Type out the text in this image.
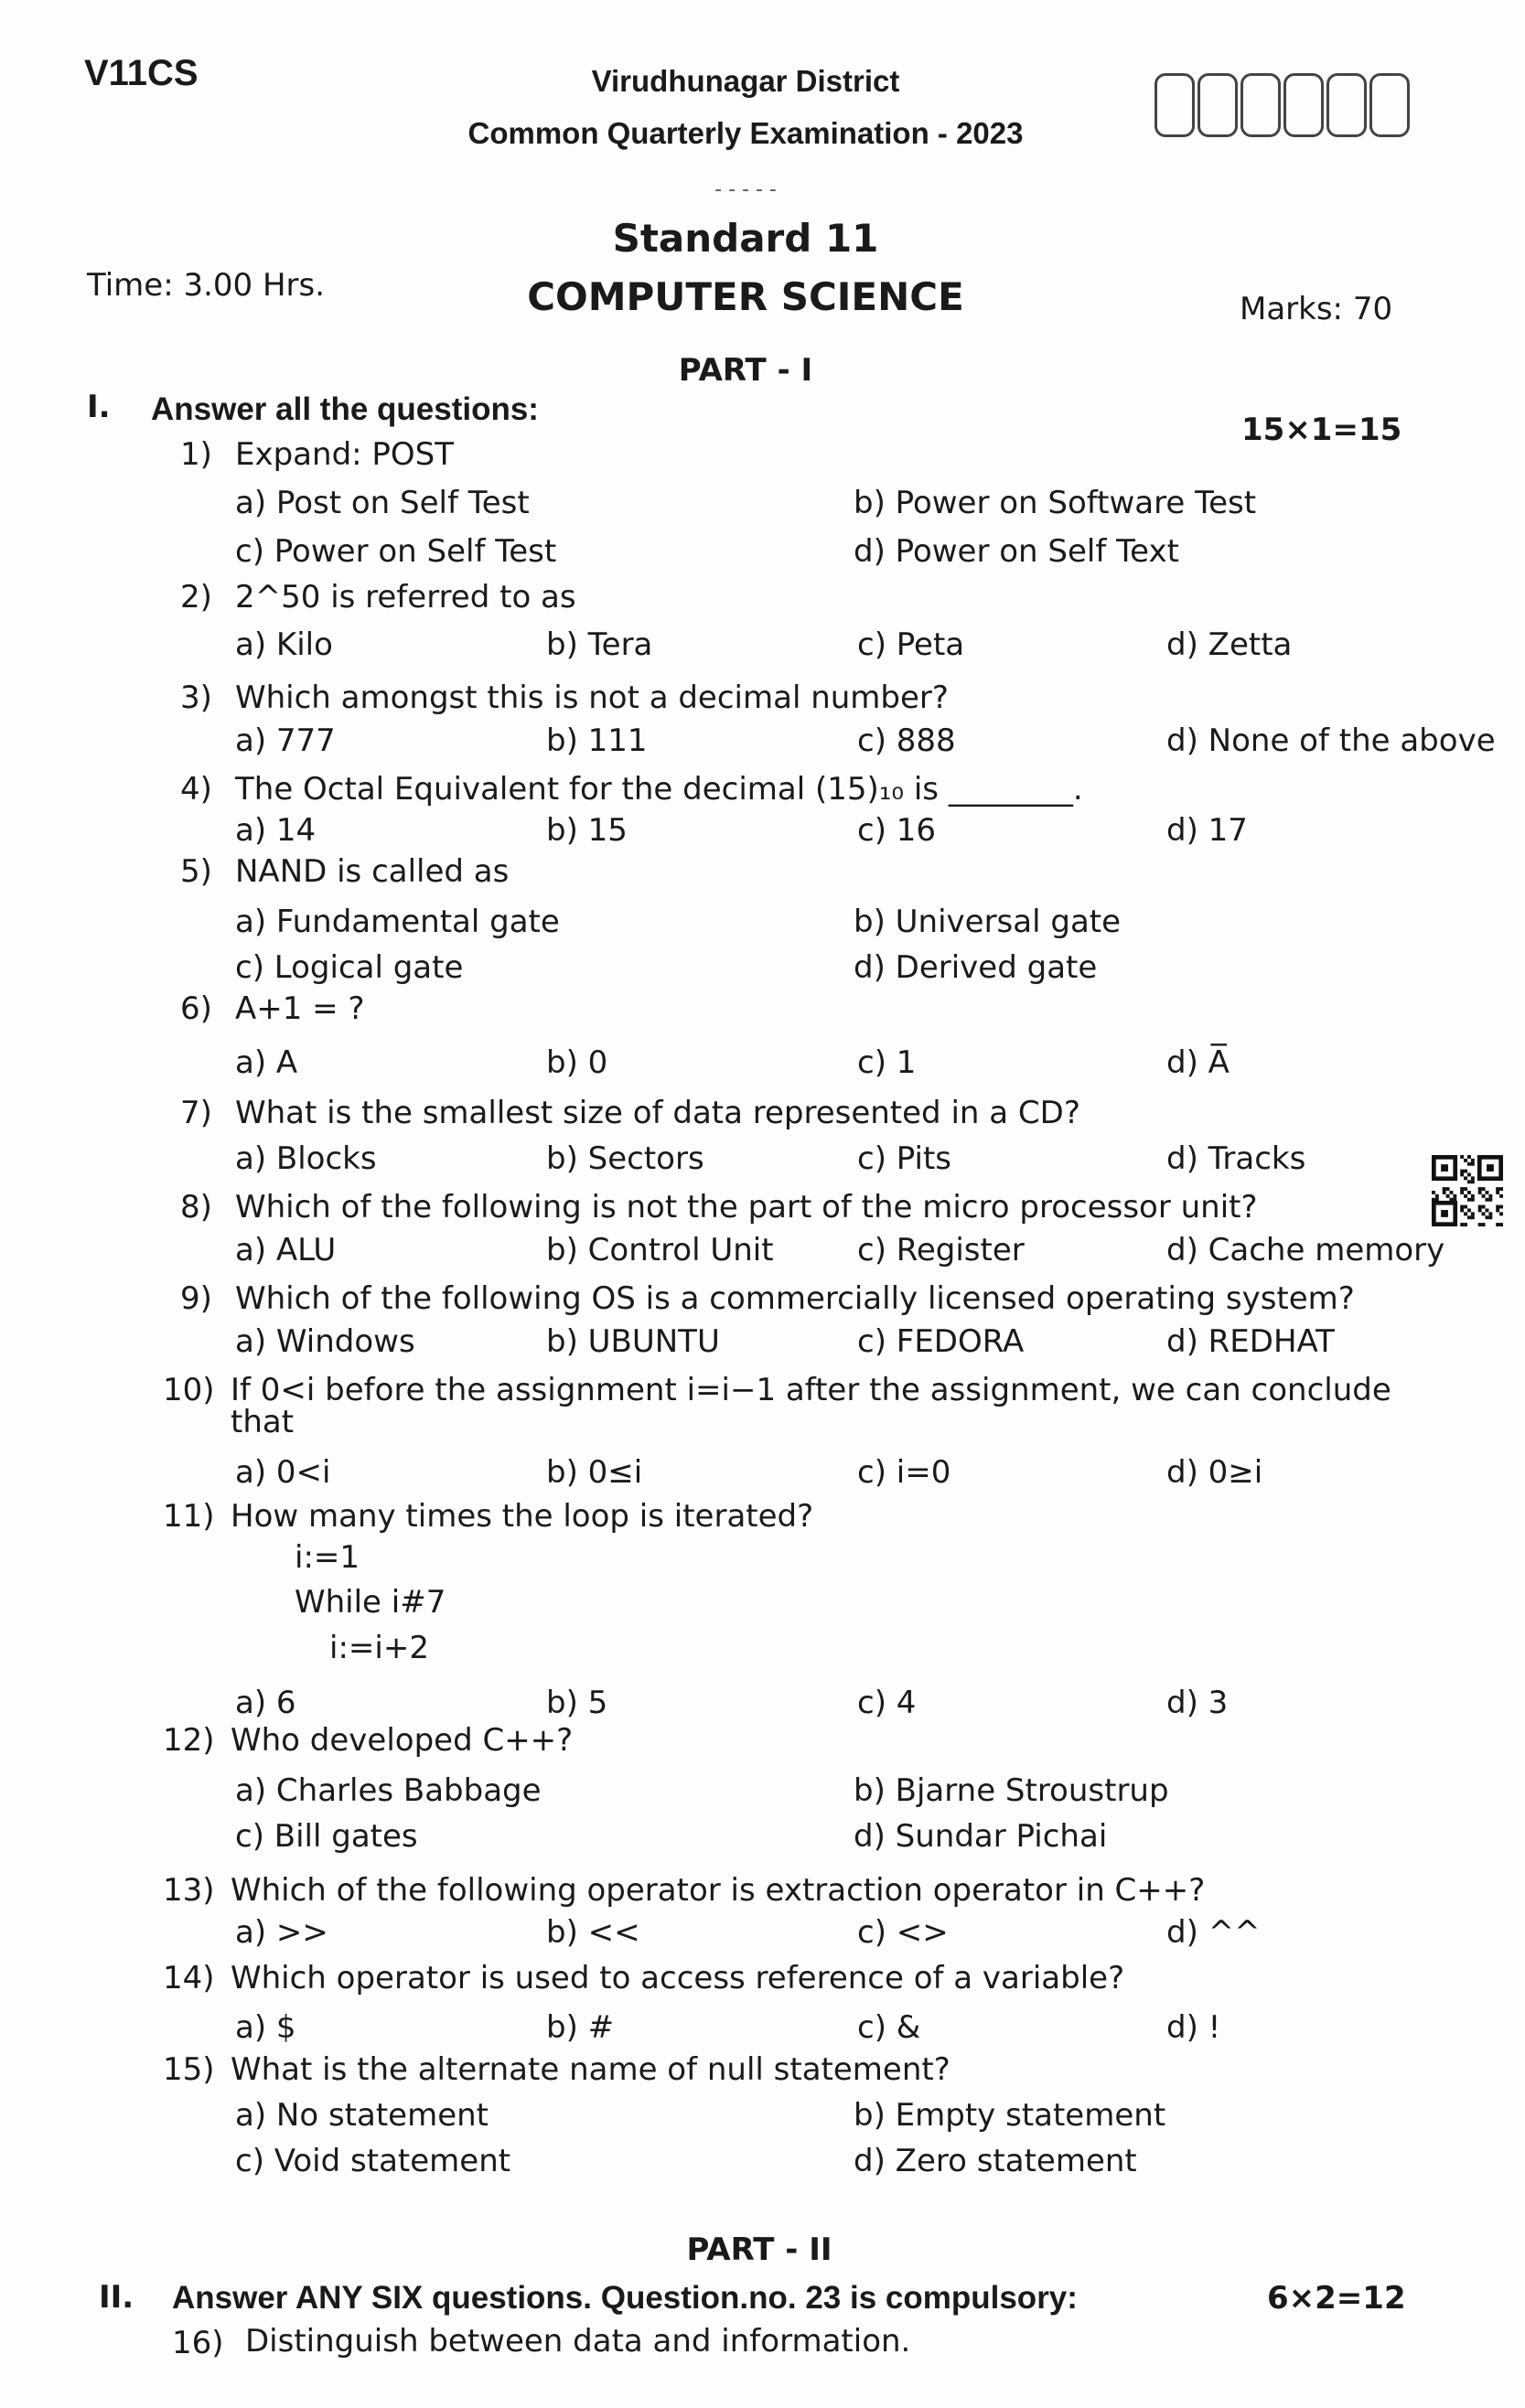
V11CS	Virudhunagar District
Common Quarterly Examination - 2023
- - - - -
Standard 11
Time: 3.00 Hrs.	COMPUTER SCIENCE	Marks: 70
PART - I
I. Answer all the questions:
15×1=15
1) Expand: POST
a) Post on Self Test	b) Power on Software Test
c) Power on Self Test	d) Power on Self Text
2) 2^50 is referred to as
a) Kilo	b) Tera	c) Peta	d) Zetta
3) Which amongst this is not a decimal number?
a) 777	b) 111	c) 888	d) None of the above
4) The Octal Equivalent for the decimal (15)₁₀ is ________.
a) 14	b) 15	c) 16	d) 17
5) NAND is called as
a) Fundamental gate	b) Universal gate
c) Logical gate	d) Derived gate
6) A+1 = ?
a) A	b) 0	c) 1	d) A̅
7) What is the smallest size of data represented in a CD?
a) Blocks	b) Sectors	c) Pits	d) Tracks
8) Which of the following is not the part of the micro processor unit?
a) ALU	b) Control Unit	c) Register	d) Cache memory
9) Which of the following OS is a commercially licensed operating system?
a) Windows	b) UBUNTU	c) FEDORA	d) REDHAT
10) If 0<i before the assignment i=i−1 after the assignment, we can conclude
that
a) 0<i	b) 0≤i	c) i=0	d) 0≥i
11) How many times the loop is iterated?
i:=1
While i#7
i:=i+2
a) 6	b) 5	c) 4	d) 3
12) Who developed C++?
a) Charles Babbage	b) Bjarne Stroustrup
c) Bill gates	d) Sundar Pichai
13) Which of the following operator is extraction operator in C++?
a) >>	b) <<	c) <>	d) ^^
14) Which operator is used to access reference of a variable?
a) $	b) #	c) &	d) !
15) What is the alternate name of null statement?
a) No statement	b) Empty statement
c) Void statement	d) Zero statement
PART - II
II. Answer ANY SIX questions. Question.no. 23 is compulsory:	6×2=12
16) Distinguish between data and information.
